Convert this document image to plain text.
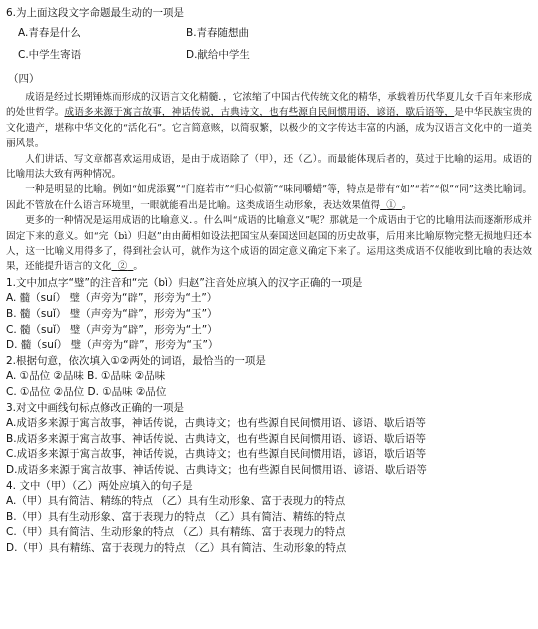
6.为上面这段文字命题最生动的一项是
A.青春是什么	B.青春随想曲
C.中学生寄语	D.献给中学生
（四）

成语是经过长期锤炼而形成的汉语言文化精髓．，它浓缩了中国古代传统文化的精华，承载着历代华夏儿女千百年来形成的处世哲学。成语多来源于寓言故事，神话传说，古典诗文，也有些源自民间惯用语，谚语，歇后语等，是中华民族宝贵的文化遗产，堪称中华文化的“活化石”。它言简意赅，以简驭繁，以极少的文字传达丰富的内涵，成为汉语言文化中的一道美丽风景。

人们讲话、写文章都喜欢运用成语，是由于成语除了（甲），还（乙）。而最能体现后者的，莫过于比喻的运用。成语的比喻用法大致有两种情况。

一种是明显的比喻。例如“如虎添翼”“门庭若市”“归心似箭”“味同嚼蜡”等，特点是带有“如”“若”“似”“同”这类比喻词。因此不管放在什么语言环境里，一眼就能看出是比喻。这类成语生动形象，表达效果值得 ① 。

更多的一种情况是运用成语的比喻意义．。什么叫“成语的比喻意义”呢？那就是一个成语由于它的比喻用法而逐渐形成并固定下来的意义。如“完（bì）归赵”由由蔺相如设法把国宝从秦国送回赵国的历史故事，后用来比喻原物完整无损地归还本人，这一比喻义用得多了，得到社会认可，就作为这个成语的固定意义确定下来了。运用这类成语不仅能收到比喻的表达效果，还能提升语言的文化 ② 。

1.文中加点字“璧”的注音和“完（bì）归赵”注音处应填入的汉字正确的一项是
A. 髓（suí） 璧（声旁为“辟”，形旁为“土”）
B. 髓（suǐ） 璧（声旁为“辟”，形旁为“玉”）
C. 髓（suǐ） 璧（声旁为“辟”，形旁为“土”）
D. 髓（suí） 璧（声旁为“辟”，形旁为“玉”）
2.根据句意，依次填入①②两处的词语，最恰当的一项是
A. ①品位 ②品味 B. ①品味 ②品味
C. ①品位 ②品位 D. ①品味 ②品位
3.对文中画线句标点修改正确的一项是
A.成语多来源于寓言故事，神话传说，古典诗文；也有些源自民间惯用语、谚语、歇后语等
B.成语多来源于寓言故事、神话传说、古典诗文，也有些源自民间惯用语、谚语、歇后语等
C.成语多来源于寓言故事，神话传说，古典诗文；也有些源自民间惯用语，谚语，歇后语等
D.成语多来源于寓言故事、神话传说、古典诗文；也有些源自民间惯用语、谚语、歇后语等
4. 文中（甲）（乙）两处应填入的句子是
A.（甲）具有简洁、精练的特点 （乙）具有生动形象、富于表现力的特点
B.（甲）具有生动形象、富于表现力的特点 （乙）具有简洁、精练的特点
C.（甲）具有简洁、生动形象的特点 （乙）具有精练、富于表现力的特点
D.（甲）具有精练、富于表现力的特点 （乙）具有简洁、生动形象的特点
